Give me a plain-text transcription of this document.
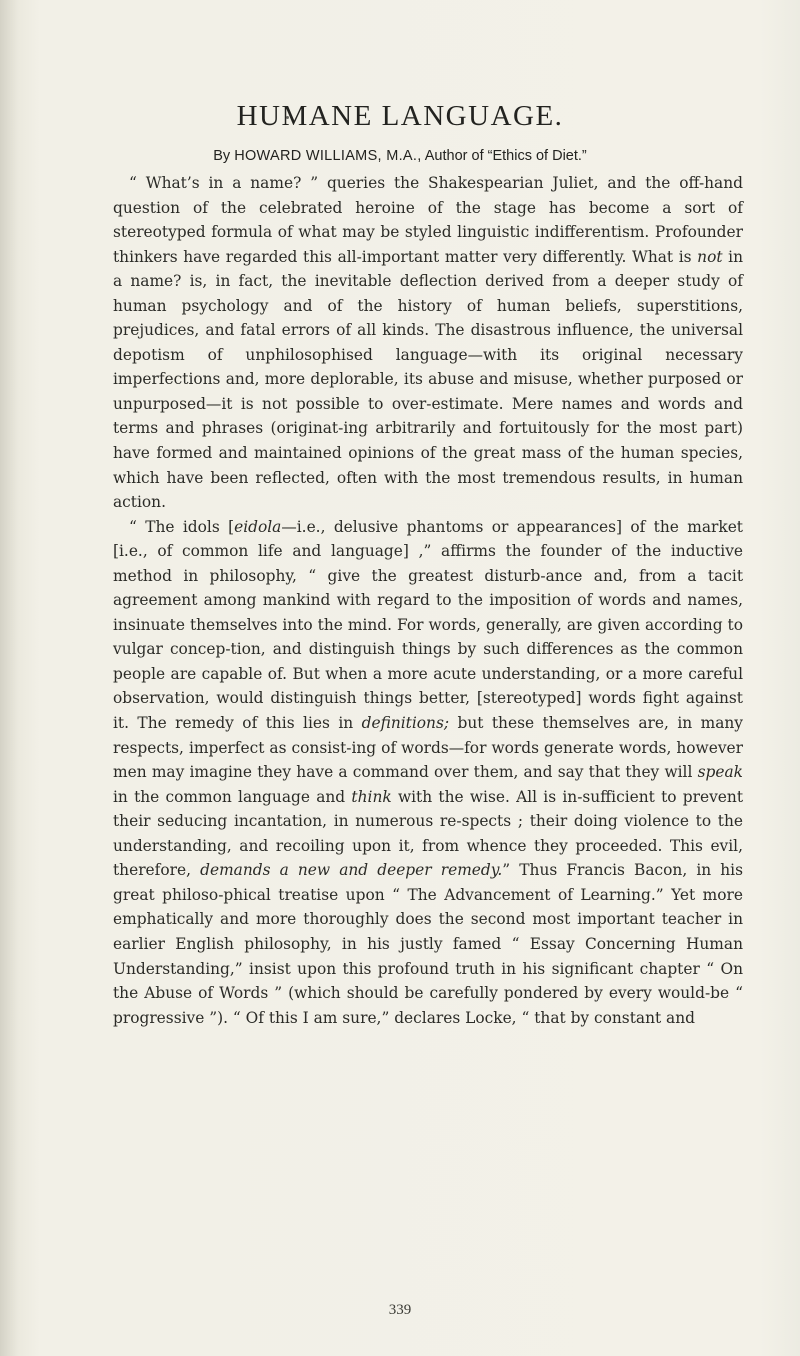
HUMANE LANGUAGE.
By HOWARD WILLIAMS, M.A., Author of “Ethics of Diet.”

“ What’s in a name? ” queries the Shakespearian Juliet, and the off-hand question of the celebrated heroine of the stage has become a sort of stereotyped formula of what may be styled linguistic indifferentism. Profounder thinkers have regarded this all-important matter very differently. What is not in a name? is, in fact, the inevitable deflection derived from a deeper study of human psychology and of the history of human beliefs, superstitions, prejudices, and fatal errors of all kinds. The disastrous influence, the universal depotism of unphilosophised language—with its original necessary imperfections and, more deplorable, its abuse and misuse, whether purposed or unpurposed—it is not possible to over-estimate. Mere names and words and terms and phrases (originat-ing arbitrarily and fortuitously for the most part) have formed and maintained opinions of the great mass of the human species, which have been reflected, often with the most tremendous results, in human action.

“ The idols [eidola—i.e., delusive phantoms or appearances] of the market [i.e., of common life and language] ,” affirms the founder of the inductive method in philosophy, “ give the greatest disturb-ance and, from a tacit agreement among mankind with regard to the imposition of words and names, insinuate themselves into the mind. For words, generally, are given according to vulgar concep-tion, and distinguish things by such differences as the common people are capable of. But when a more acute understanding, or a more careful observation, would distinguish things better, [stereotyped] words fight against it. The remedy of this lies in definitions; but these themselves are, in many respects, imperfect as consist-ing of words—for words generate words, however men may imagine they have a command over them, and say that they will speak in the common language and think with the wise. All is in-sufficient to prevent their seducing incantation, in numerous re-spects ; their doing violence to the understanding, and recoiling upon it, from whence they proceeded. This evil, therefore, demands a new and deeper remedy.” Thus Francis Bacon, in his great philoso-phical treatise upon “ The Advancement of Learning.” Yet more emphatically and more thoroughly does the second most important teacher in earlier English philosophy, in his justly famed “ Essay Concerning Human Understanding,” insist upon this profound truth in his significant chapter “ On the Abuse of Words ” (which should be carefully pondered by every would-be “ progressive ”). “ Of this I am sure,” declares Locke, “ that by constant and

339
